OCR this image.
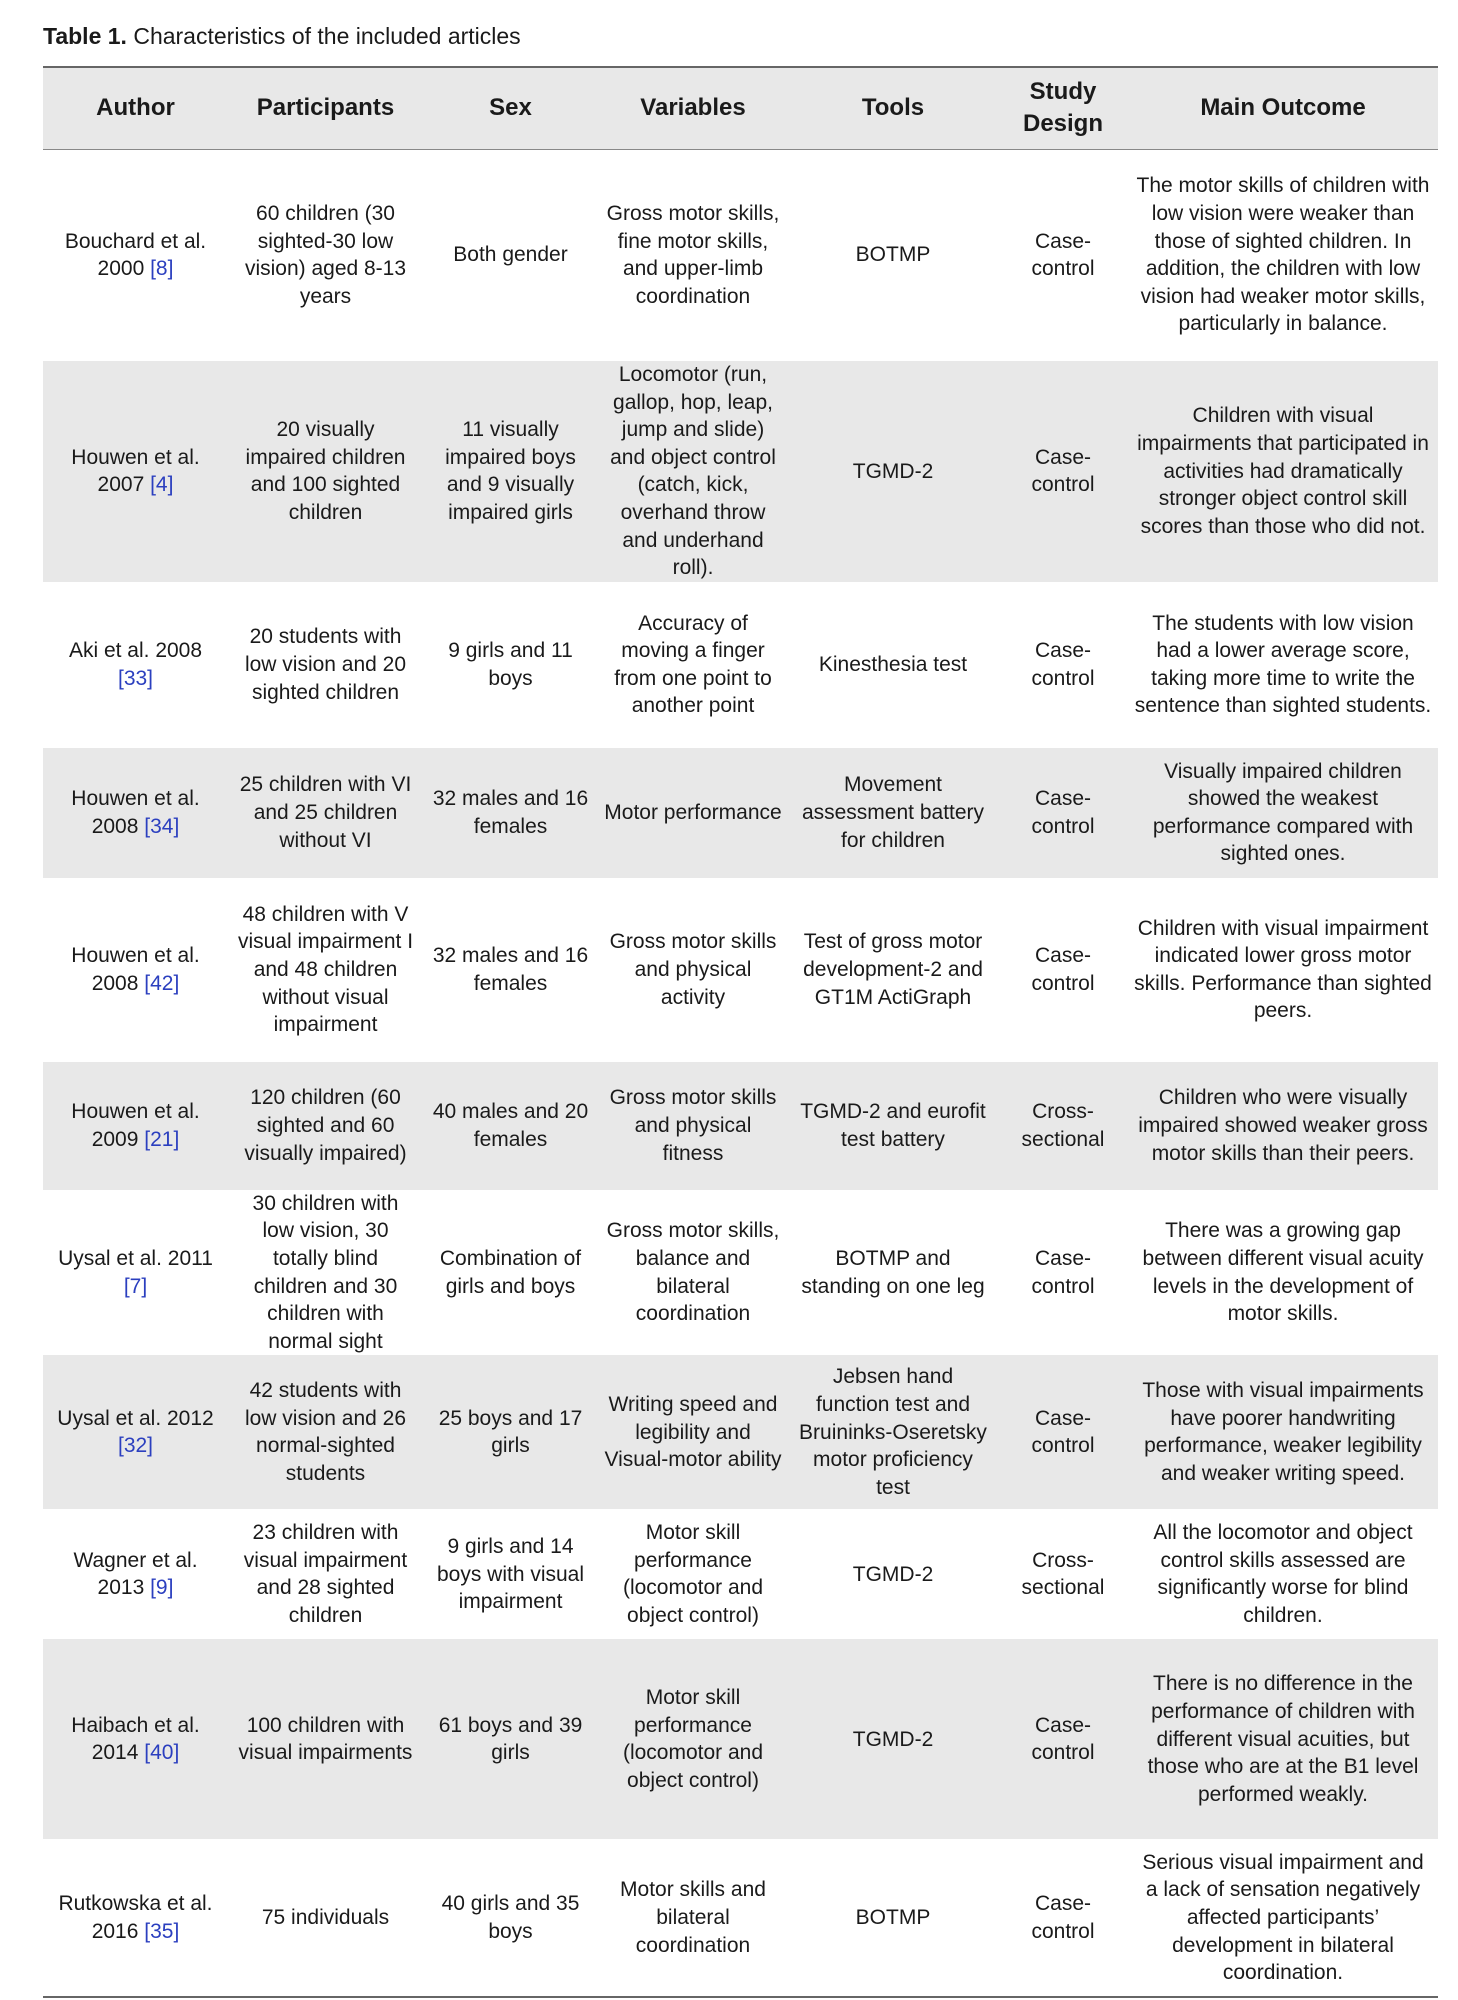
Table 1. Characteristics of the included articles
Author	Participants	Sex	Variables	Tools	Study Design	Main Outcome
Bouchard et al. 2000 [8]	60 children (30 sighted-30 low vision) aged 8-13 years	Both gender	Gross motor skills, fine motor skills, and upper-limb coordination	BOTMP	Case-control	The motor skills of children with low vision were weaker than those of sighted children. In addition, the children with low vision had weaker motor skills, particularly in balance.
Houwen et al. 2007 [4]	20 visually impaired children and 100 sighted children	11 visually impaired boys and 9 visually impaired girls	Locomotor (run, gallop, hop, leap, jump and slide) and object control (catch, kick, overhand throw and underhand roll).	TGMD-2	Case-control	Children with visual impairments that participated in activities had dramatically stronger object control skill scores than those who did not.
Aki et al. 2008 [33]	20 students with low vision and 20 sighted children	9 girls and 11 boys	Accuracy of moving a finger from one point to another point	Kinesthesia test	Case-control	The students with low vision had a lower average score, taking more time to write the sentence than sighted students.
Houwen et al. 2008 [34]	25 children with VI and 25 children without VI	32 males and 16 females	Motor performance	Movement assessment battery for children	Case-control	Visually impaired children showed the weakest performance compared with sighted ones.
Houwen et al. 2008 [42]	48 children with V visual impairment I and 48 children without visual impairment	32 males and 16 females	Gross motor skills and physical activity	Test of gross motor development-2 and GT1M ActiGraph	Case-control	Children with visual impairment indicated lower gross motor skills. Performance than sighted peers.
Houwen et al. 2009 [21]	120 children (60 sighted and 60 visually impaired)	40 males and 20 females	Gross motor skills and physical fitness	TGMD-2 and eurofit test battery	Cross-sectional	Children who were visually impaired showed weaker gross motor skills than their peers.
Uysal et al. 2011 [7]	30 children with low vision, 30 totally blind children and 30 children with normal sight	Combination of girls and boys	Gross motor skills, balance and bilateral coordination	BOTMP and standing on one leg	Case-control	There was a growing gap between different visual acuity levels in the development of motor skills.
Uysal et al. 2012 [32]	42 students with low vision and 26 normal-sighted students	25 boys and 17 girls	Writing speed and legibility and Visual-motor ability	Jebsen hand function test and Bruininks-Oseretsky motor proficiency test	Case-control	Those with visual impairments have poorer handwriting performance, weaker legibility and weaker writing speed.
Wagner et al. 2013 [9]	23 children with visual impairment and 28 sighted children	9 girls and 14 boys with visual impairment	Motor skill performance (locomotor and object control)	TGMD-2	Cross-sectional	All the locomotor and object control skills assessed are significantly worse for blind children.
Haibach et al. 2014 [40]	100 children with visual impairments	61 boys and 39 girls	Motor skill performance (locomotor and object control)	TGMD-2	Case-control	There is no difference in the performance of children with different visual acuities, but those who are at the B1 level performed weakly.
Rutkowska et al. 2016 [35]	75 individuals	40 girls and 35 boys	Motor skills and bilateral coordination	BOTMP	Case-control	Serious visual impairment and a lack of sensation negatively affected participants’ development in bilateral coordination.
